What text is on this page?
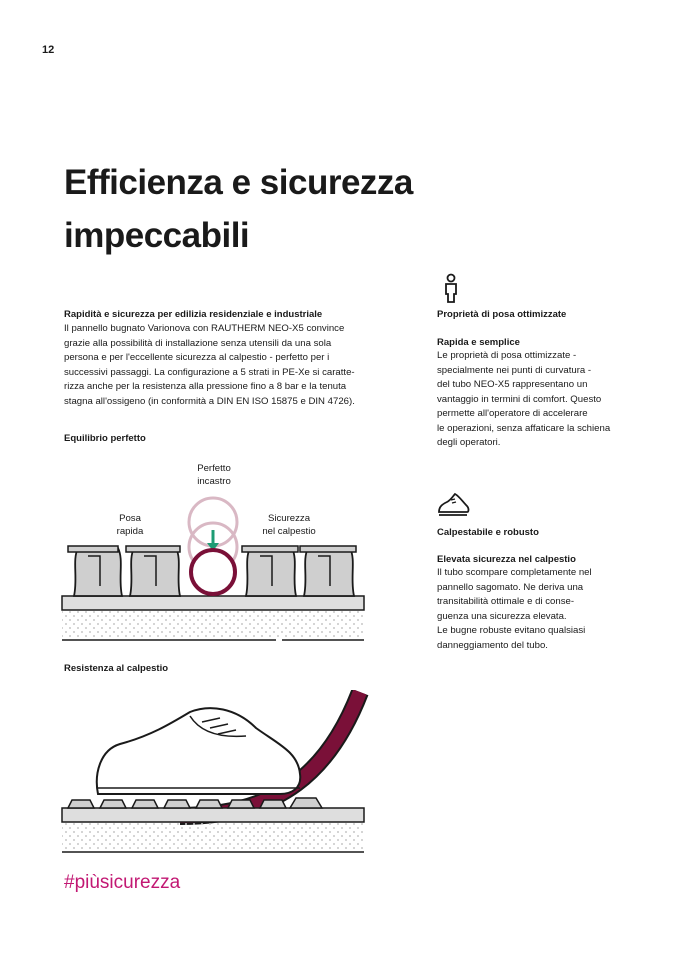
12
Efficienza e sicurezza
impeccabili
Rapidità e sicurezza per edilizia residenziale e industriale
Il pannello bugnato Varionova con RAUTHERM NEO-X5 convince
grazie alla possibilità di installazione senza utensili da una sola
persona e per l'eccellente sicurezza al calpestio - perfetto per i
successivi passaggi. La configurazione a 5 strati in PE-Xe si caratte-
rizza anche per la resistenza alla pressione fino a 8 bar e la tenuta
stagna all'ossigeno (in conformità a DIN EN ISO 15875 e DIN 4726).
Equilibrio perfetto
Posa
rapida
Perfetto
incastro
Sicurezza
nel calpestio
Resistenza al calpestio
Proprietà di posa ottimizzate
Rapida e semplice
Le proprietà di posa ottimizzate -
specialmente nei punti di curvatura -
del tubo NEO-X5 rappresentano un
vantaggio in termini di comfort. Questo
permette all'operatore di accelerare
le operazioni, senza affaticare la schiena
degli operatori.
Calpestabile e robusto
Elevata sicurezza nel calpestio
Il tubo scompare completamente nel
pannello sagomato. Ne deriva una
transitabilità ottimale e di conse-
guenza una sicurezza elevata.
Le bugne robuste evitano qualsiasi
danneggiamento del tubo.
#piùsicurezza
